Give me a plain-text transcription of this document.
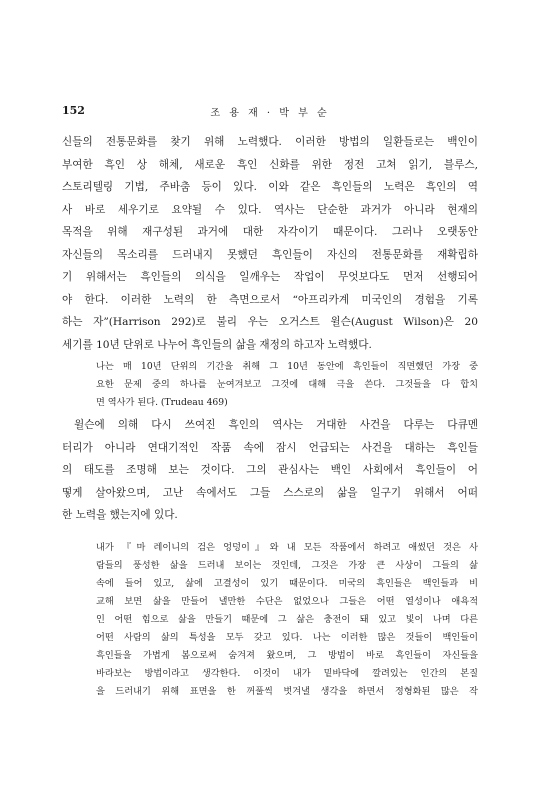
152	조 용 재 · 박 부 순
신들의 전통문화를 찾기 위해 노력했다. 이러한 방법의 일환들로는 백인이
부여한 흑인 상 해체, 새로운 흑인 신화를 위한 정전 고쳐 읽기, 블루스,
스토리텔링 기법, 주바춤 등이 있다. 이와 같은 흑인들의 노력은 흑인의 역
사 바로 세우기로 요약될 수 있다. 역사는 단순한 과거가 아니라 현재의
목적을 위해 재구성된 과거에 대한 자각이기 때문이다. 그러나 오랫동안
자신들의 목소리를 드러내지 못했던 흑인들이 자신의 전통문화를 재확립하
기 위해서는 흑인들의 의식을 일깨우는 작업이 무엇보다도 먼저 선행되어
야 한다. 이러한 노력의 한 측면으로서 “아프리카계 미국인의 경험을 기록
하는 자”(Harrison 292)로 불리 우는 오거스트 윌슨(August Wilson)은 20
세기를 10년 단위로 나누어 흑인들의 삶을 재정의 하고자 노력했다.
나는 매 10년 단위의 기간을 취해 그 10년 동안에 흑인들이 직면했던 가장 중
요한 문제 중의 하나를 눈여겨보고 그것에 대해 극을 쓴다. 그것들을 다 합치
면 역사가 된다. (Trudeau 469)
윌슨에 의해 다시 쓰여진 흑인의 역사는 거대한 사건을 다루는 다큐멘
터리가 아니라 연대기적인 작품 속에 잠시 언급되는 사건을 대하는 흑인들
의 태도를 조명해 보는 것이다. 그의 관심사는 백인 사회에서 흑인들이 어
떻게 살아왔으며, 고난 속에서도 그들 스스로의 삶을 일구기 위해서 어떠
한 노력을 했는지에 있다.
내가 『마 레이니의 검은 엉덩이』와 내 모든 작품에서 하려고 애썼던 것은 사
람들의 풍성한 삶을 드러내 보이는 것인데, 그것은 가장 큰 사상이 그들의 삶
속에 들어 있고, 삶에 고결성이 있기 때문이다. 미국의 흑인들은 백인들과 비
교해 보면 삶을 만들어 낼만한 수단은 없었으나 그들은 어떤 열성이나 애욕적
인 어떤 힘으로 삶을 만들기 때문에 그 삶은 충전이 돼 있고 빛이 나며 다른
어떤 사람의 삶의 특성을 모두 갖고 있다. 나는 이러한 많은 것들이 백인들이
흑인들을 가볍게 봄으로써 숨겨져 왔으며, 그 방법이 바로 흑인들이 자신들을
바라보는 방법이라고 생각한다. 이것이 내가 밑바닥에 깔려있는 인간의 본질
을 드러내기 위해 표면을 한 꺼풀씩 벗겨낼 생각을 하면서 정형화된 많은 작
